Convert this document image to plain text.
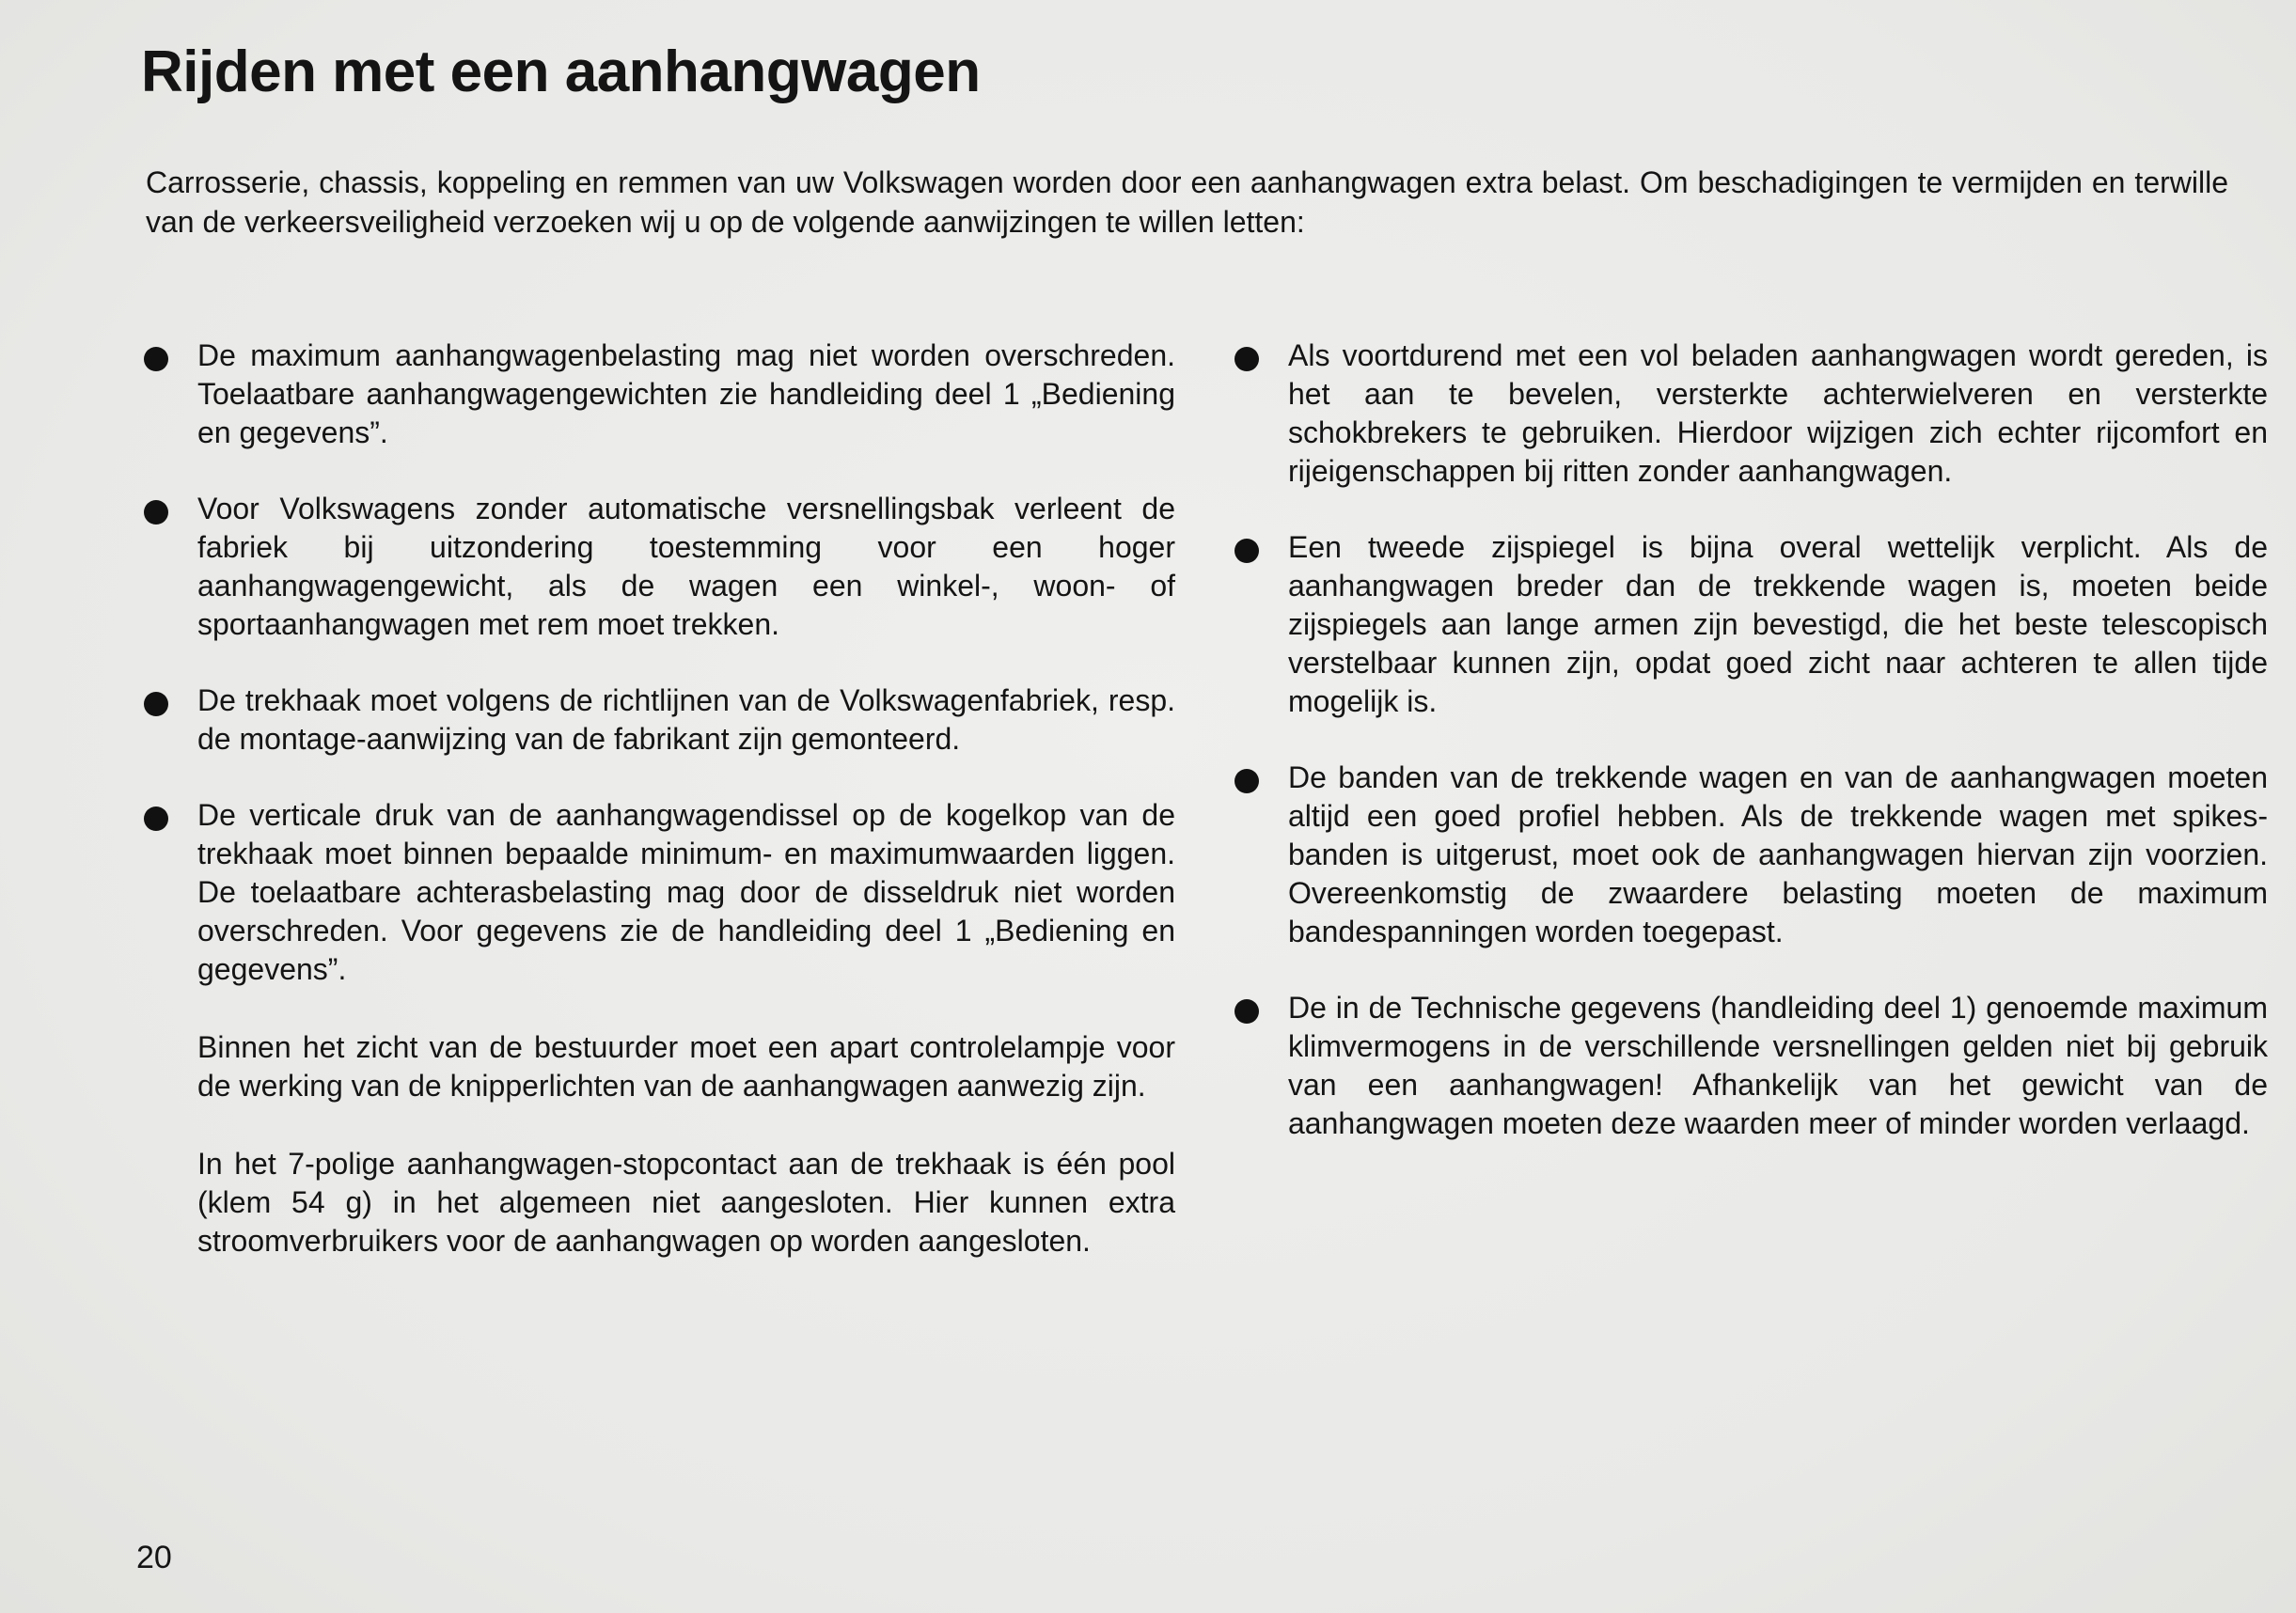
Rijden met een aanhangwagen

Carrosserie, chassis, koppeling en remmen van uw Volkswagen worden door een aanhangwagen extra belast. Om beschadigingen te vermijden en terwille van de verkeersveiligheid verzoeken wij u op de volgende aanwijzingen te willen letten:

De maximum aanhangwagenbelasting mag niet worden overschreden. Toelaatbare aanhangwagengewichten zie handleiding deel 1 „Bediening en gegevens”.

Voor Volkswagens zonder automatische versnellingsbak verleent de fabriek bij uitzondering toestemming voor een hoger aanhangwagengewicht, als de wagen een winkel-, woon- of sportaanhangwagen met rem moet trekken.

De trekhaak moet volgens de richtlijnen van de Volkswagenfabriek, resp. de montage-aanwijzing van de fabrikant zijn gemonteerd.

De verticale druk van de aanhangwagendissel op de kogelkop van de trekhaak moet binnen bepaalde minimum- en maximumwaarden liggen. De toelaatbare achterasbelasting mag door de disseldruk niet worden overschreden. Voor gegevens zie de handleiding deel 1 „Bediening en gegevens”.

Binnen het zicht van de bestuurder moet een apart controlelampje voor de werking van de knipperlichten van de aanhangwagen aanwezig zijn.

In het 7-polige aanhangwagen-stopcontact aan de trekhaak is één pool (klem 54 g) in het algemeen niet aangesloten. Hier kunnen extra stroomverbruikers voor de aanhangwagen op worden aangesloten.

Als voortdurend met een vol beladen aanhangwagen wordt gereden, is het aan te bevelen, versterkte achterwielveren en versterkte schokbrekers te gebruiken. Hierdoor wijzigen zich echter rijcomfort en rijeigenschappen bij ritten zonder aanhangwagen.

Een tweede zijspiegel is bijna overal wettelijk verplicht. Als de aanhangwagen breder dan de trekkende wagen is, moeten beide zijspiegels aan lange armen zijn bevestigd, die het beste telescopisch verstelbaar kunnen zijn, opdat goed zicht naar achteren te allen tijde mogelijk is.

De banden van de trekkende wagen en van de aanhangwagen moeten altijd een goed profiel hebben. Als de trekkende wagen met spikes-banden is uitgerust, moet ook de aanhangwagen hiervan zijn voorzien. Overeenkomstig de zwaardere belasting moeten de maximum bandespanningen worden toegepast.

De in de Technische gegevens (handleiding deel 1) genoemde maximum klimvermogens in de verschillende versnellingen gelden niet bij gebruik van een aanhangwagen! Afhankelijk van het gewicht van de aanhangwagen moeten deze waarden meer of minder worden verlaagd.

20
